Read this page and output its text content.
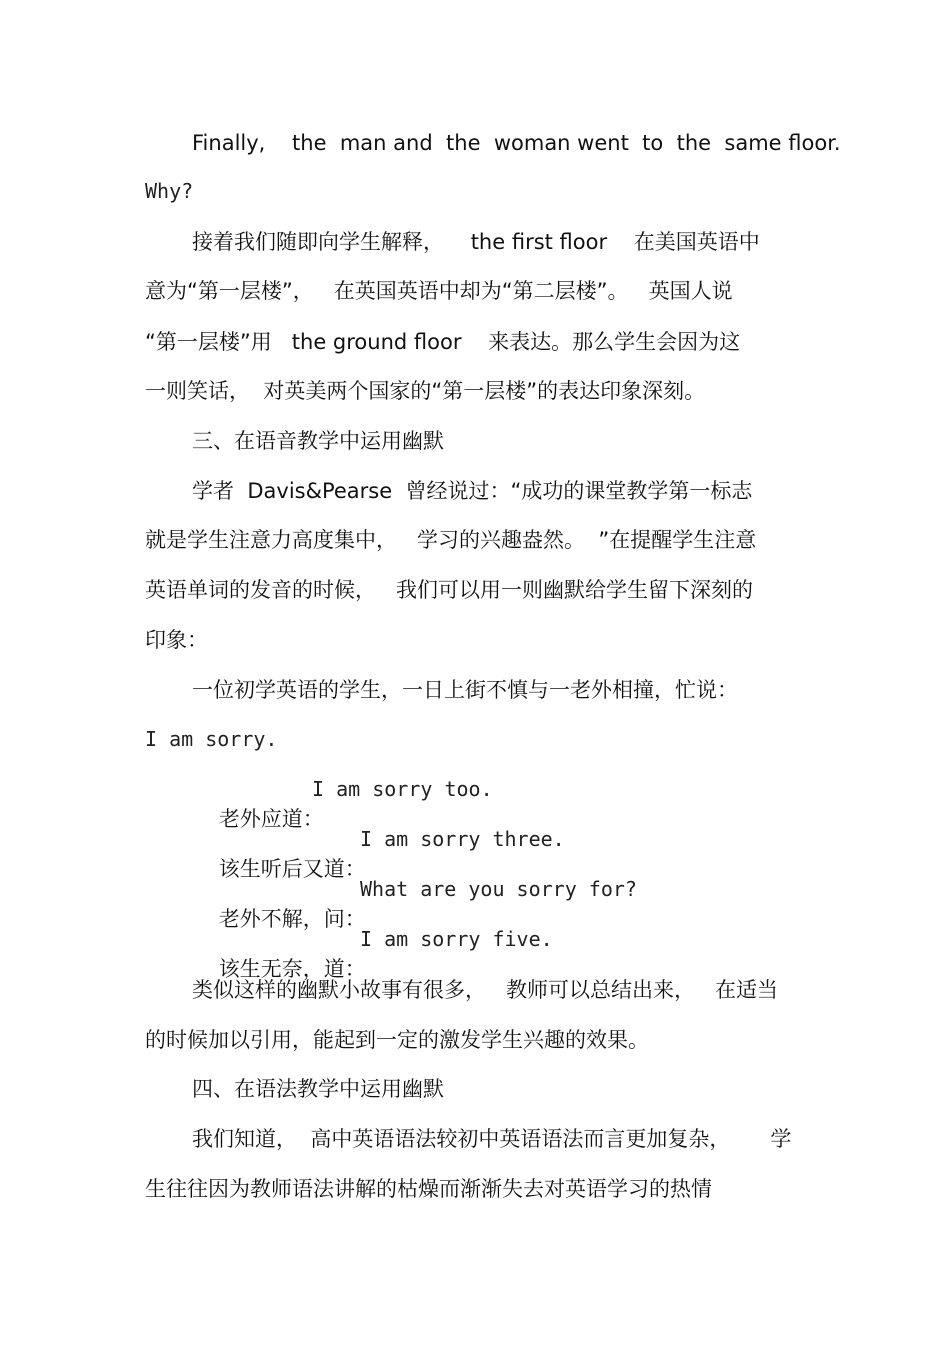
Finally,    the  man and  the  woman went  to  the  same floor.
Why?
接着我们随即向学生解释，    the first floor    在美国英语中
意为“第一层楼”，   在英国英语中却为“第二层楼”。   英国人说
“第一层楼”用   the ground floor    来表达。那么学生会因为这
一则笑话，  对英美两个国家的“第一层楼”的表达印象深刻。
三、在语音教学中运用幽默
学者  Davis&Pearse  曾经说过：“成功的课堂教学第一标志
就是学生注意力高度集中，   学习的兴趣盎然。  ”在提醒学生注意
英语单词的发音的时候，   我们可以用一则幽默给学生留下深刻的
印象：
一位初学英语的学生，一日上街不慎与一老外相撞，忙说：
I am sorry.

老外应道：

I am sorry too.

该生听后又道：

I am sorry three.

老外不解，问：

What are you sorry for?

该生无奈，道：

I am sorry five.

类似这样的幽默小故事有很多，   教师可以总结出来，   在适当
的时候加以引用，能起到一定的激发学生兴趣的效果。
四、在语法教学中运用幽默
我们知道，  高中英语语法较初中英语语法而言更加复杂，      学
生往往因为教师语法讲解的枯燥而渐渐失去对英语学习的热情
